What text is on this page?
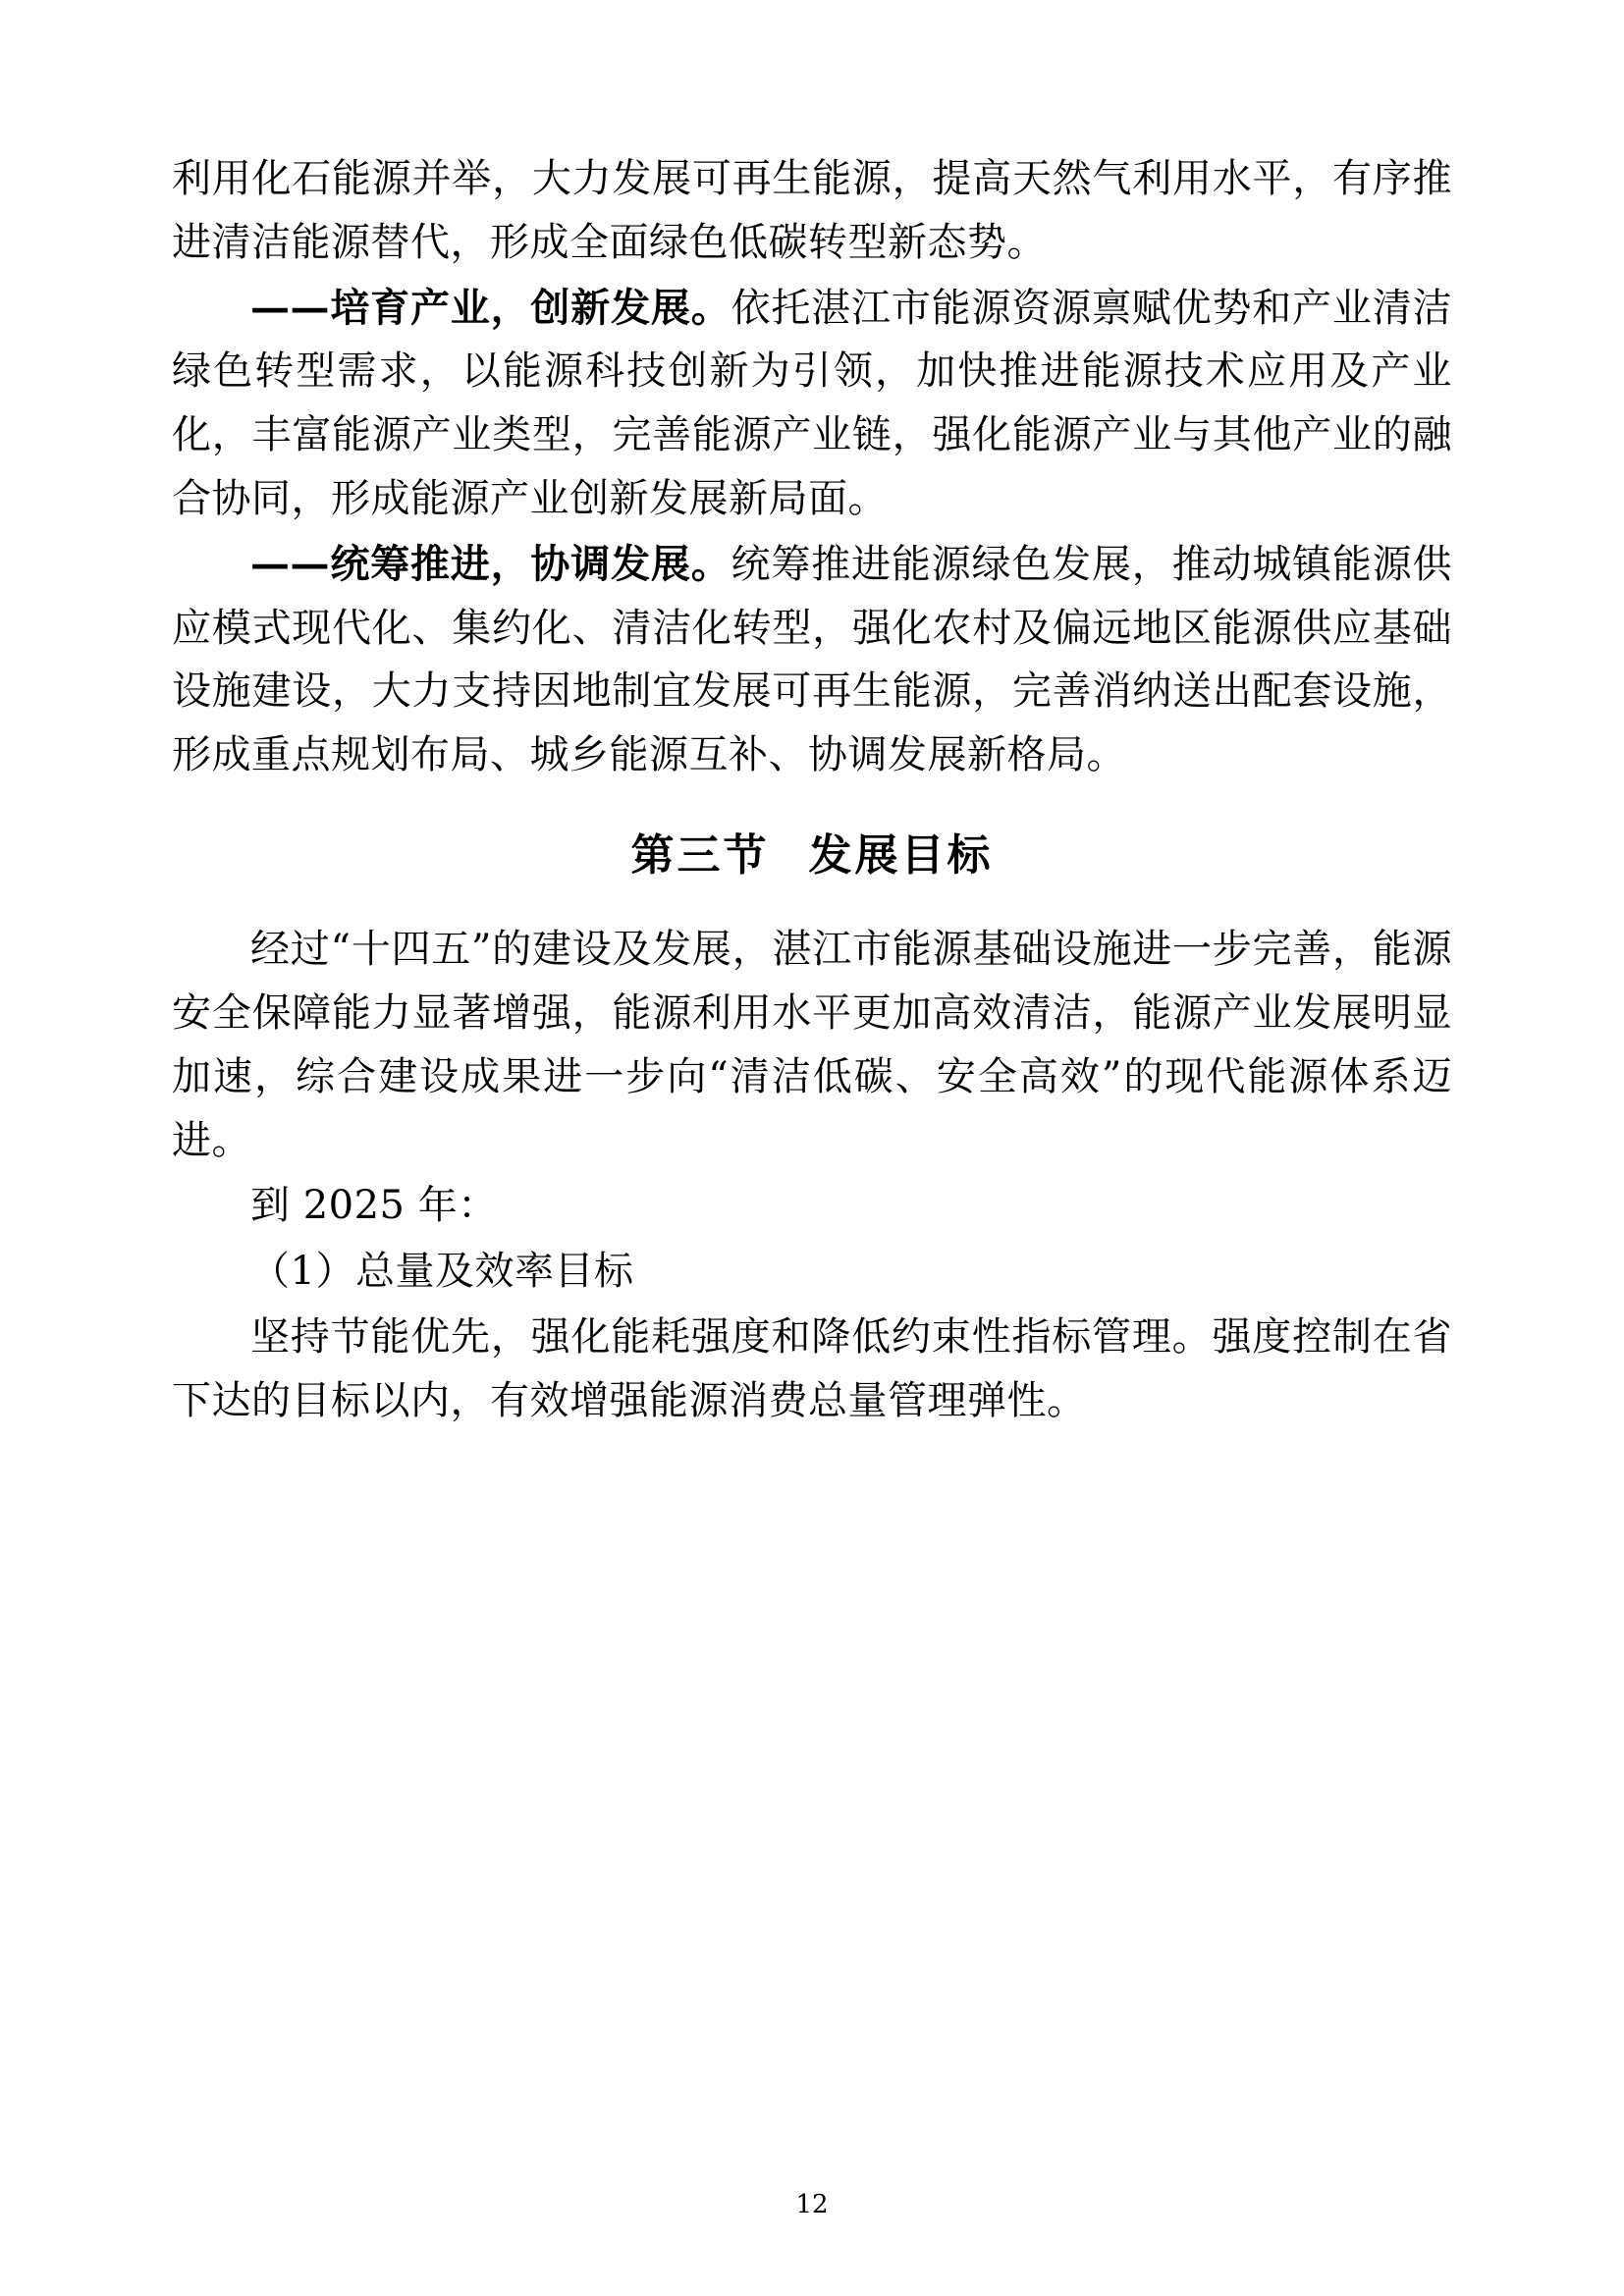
利用化石能源并举，大力发展可再生能源，提高天然气利用水平，有序推进清洁能源替代，形成全面绿色低碳转型新态势。

——培育产业，创新发展。依托湛江市能源资源禀赋优势和产业清洁绿色转型需求，以能源科技创新为引领，加快推进能源技术应用及产业化，丰富能源产业类型，完善能源产业链，强化能源产业与其他产业的融合协同，形成能源产业创新发展新局面。

——统筹推进，协调发展。统筹推进能源绿色发展，推动城镇能源供应模式现代化、集约化、清洁化转型，强化农村及偏远地区能源供应基础设施建设，大力支持因地制宜发展可再生能源，完善消纳送出配套设施，形成重点规划布局、城乡能源互补、协调发展新格局。

第三节 发展目标

经过“十四五”的建设及发展，湛江市能源基础设施进一步完善，能源安全保障能力显著增强，能源利用水平更加高效清洁，能源产业发展明显加速，综合建设成果进一步向“清洁低碳、安全高效”的现代能源体系迈进。

到 2025 年：

（1）总量及效率目标

坚持节能优先，强化能耗强度和降低约束性指标管理。强度控制在省下达的目标以内，有效增强能源消费总量管理弹性。

12
